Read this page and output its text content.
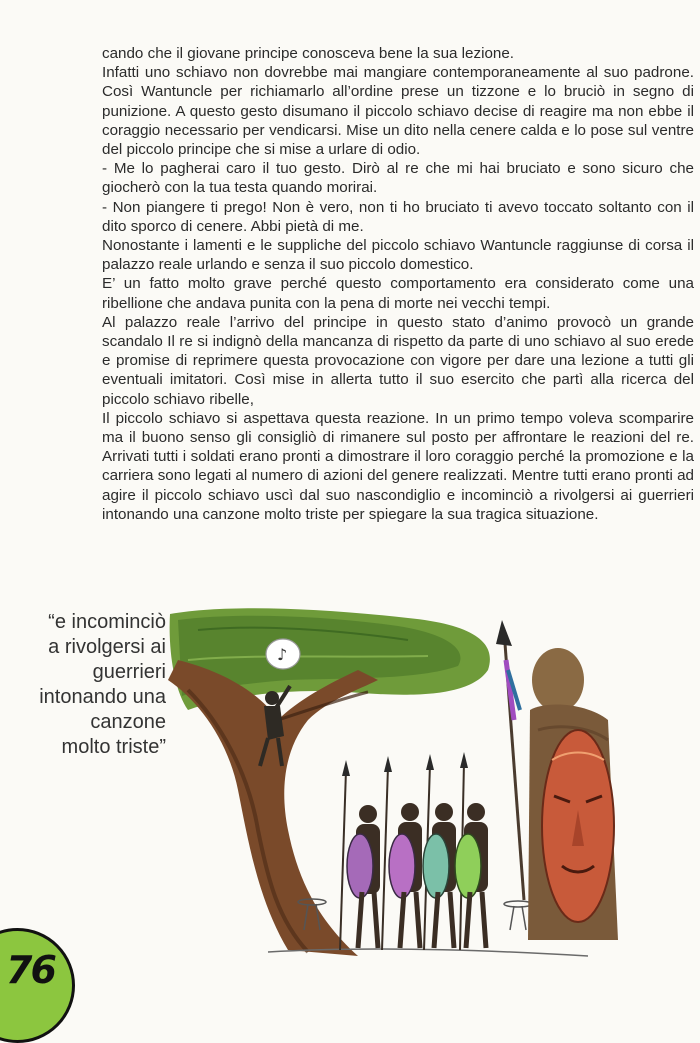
cando che il giovane principe conosceva bene la sua lezione.

Infatti uno schiavo non dovrebbe mai mangiare contemporaneamente al suo padrone. Così Wantuncle per richiamarlo all’ordine prese un tizzone e lo bruciò in segno di punizione. A questo gesto disumano il piccolo schiavo decise di reagire ma non ebbe il coraggio necessario per vendicarsi. Mise un dito nella cenere calda e lo pose sul ventre del piccolo principe che si mise a urlare di odio.

- Me lo pagherai caro il tuo gesto. Dirò al re che mi hai bruciato e sono sicuro che giocherò con la tua testa quando morirai.

- Non piangere ti prego! Non è vero, non ti ho bruciato ti avevo toccato soltanto con il dito sporco di cenere. Abbi pietà di me.

Nonostante i lamenti e le suppliche del piccolo schiavo Wantuncle raggiunse di corsa il palazzo reale urlando e senza il suo piccolo domestico.

E’ un fatto molto grave perché questo comportamento era considerato come una ribellione che andava punita con la pena di morte nei vecchi tempi.

Al palazzo reale l’arrivo del principe in questo stato d’animo provocò un grande scandalo Il re si indignò della mancanza di rispetto da parte di uno schiavo al suo erede e promise di reprimere questa provocazione con vigore per dare una lezione a tutti gli eventuali imitatori. Così mise in allerta tutto il suo esercito che partì alla ricerca del piccolo schiavo ribelle,

Il piccolo schiavo si aspettava questa reazione. In un primo tempo voleva scomparire ma il buono senso gli consigliò di rimanere sul posto per affrontare le reazioni del re. Arrivati tutti i soldati erano pronti a dimostrare il loro coraggio perché la promozione e la carriera sono legati al numero di azioni del genere realizzati. Mentre tutti erano pronti ad agire il piccolo schiavo uscì dal suo nascondiglio e incominciò a rivolgersi ai guerrieri intonando una canzone molto triste per spiegare la sua tragica situazione.

“e incominciò
a rivolgersi ai
guerrieri
intonando una
canzone
molto triste”
♪
76
